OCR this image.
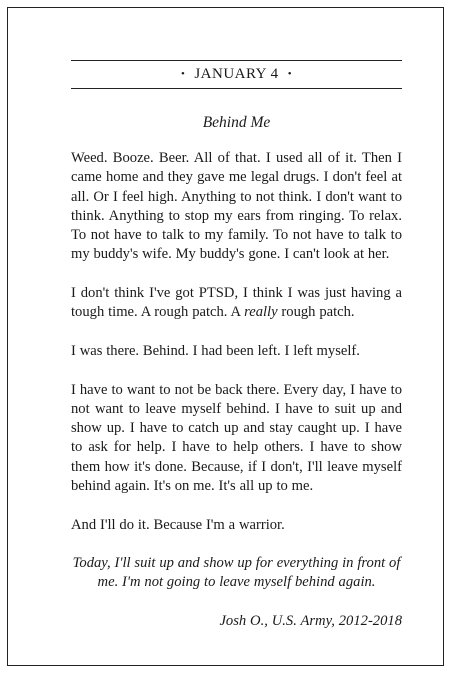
• JANUARY 4 •
Behind Me

Weed. Booze. Beer. All of that. I used all of it. Then I came home and they gave me legal drugs. I don't feel at all. Or I feel high. Anything to not think. I don't want to think. Anything to stop my ears from ringing. To relax. To not have to talk to my family. To not have to talk to my buddy's wife. My buddy's gone. I can't look at her.

I don't think I've got PTSD, I think I was just having a tough time. A rough patch. A really rough patch.

I was there. Behind. I had been left. I left myself.

I have to want to not be back there. Every day, I have to not want to leave myself behind. I have to suit up and show up. I have to catch up and stay caught up. I have to ask for help. I have to help others. I have to show them how it's done. Because, if I don't, I'll leave myself behind again. It's on me. It's all up to me.

And I'll do it. Because I'm a warrior.

Today, I'll suit up and show up for everything in front of me. I'm not going to leave myself behind again.

Josh O., U.S. Army, 2012-2018
